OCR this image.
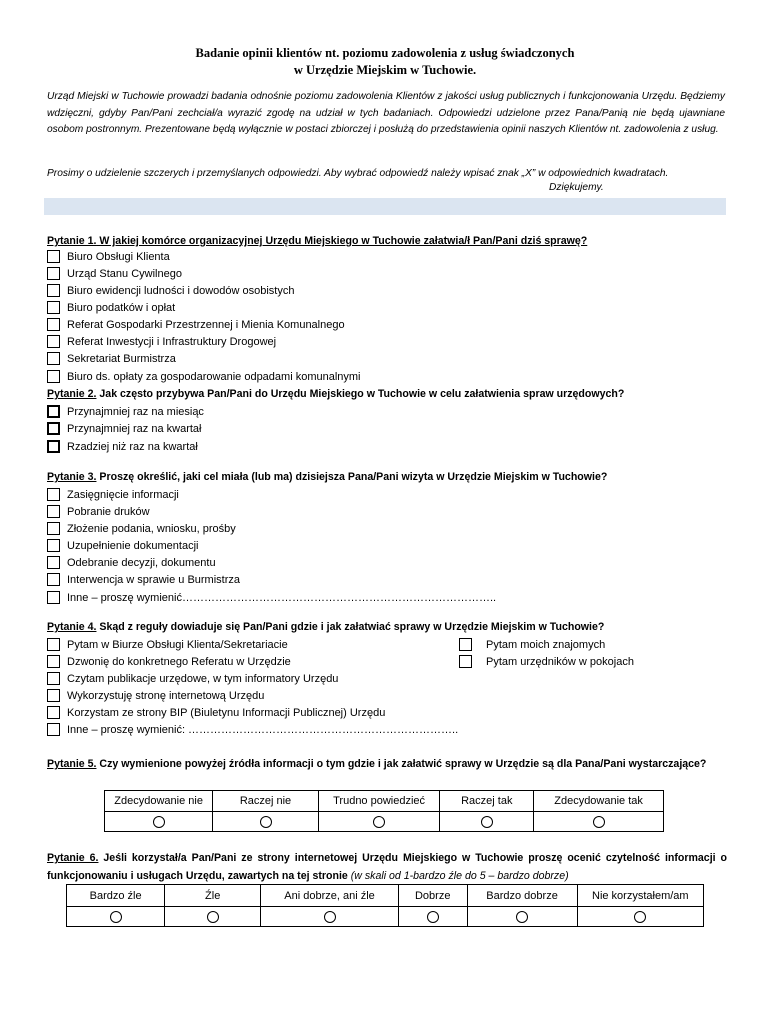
Badanie opinii klientów nt. poziomu zadowolenia z usług świadczonych
w Urzędzie Miejskim w Tuchowie.

Urząd Miejski w Tuchowie prowadzi badania odnośnie poziomu zadowolenia Klientów z jakości usług publicznych i funkcjonowania Urzędu. Będziemy wdzięczni, gdyby Pan/Pani zechciał/a wyrazić zgodę na udział w tych badaniach. Odpowiedzi udzielone przez Pana/Panią nie będą ujawniane osobom postronnym. Prezentowane będą wyłącznie w postaci zbiorczej i posłużą do przedstawienia opinii naszych Klientów nt. zadowolenia z usług.

Prosimy o udzielenie szczerych i przemyślanych odpowiedzi. Aby wybrać odpowiedź należy wpisać znak „X” w odpowiednich kwadratach.
Dziękujemy.
Pytanie 1. W jakiej komórce organizacyjnej Urzędu Miejskiego w Tuchowie załatwia/ł Pan/Pani dziś sprawę?
Biuro Obsługi Klienta
Urząd Stanu Cywilnego
Biuro ewidencji ludności i dowodów osobistych
Biuro podatków i opłat
Referat Gospodarki Przestrzennej i Mienia Komunalnego
Referat Inwestycji i Infrastruktury Drogowej
Sekretariat Burmistrza
Biuro ds. opłaty za gospodarowanie odpadami komunalnymi
Pytanie 2. Jak często przybywa Pan/Pani do Urzędu Miejskiego w Tuchowie w celu załatwienia spraw urzędowych?
Przynajmniej raz na miesiąc
Przynajmniej raz na kwartał
Rzadziej niż raz na kwartał
Pytanie 3. Proszę określić, jaki cel miała (lub ma) dzisiejsza Pana/Pani wizyta w Urzędzie Miejskim w Tuchowie?
Zasięgnięcie informacji
Pobranie druków
Złożenie podania, wniosku, prośby
Uzupełnienie dokumentacji
Odebranie decyzji, dokumentu
Interwencja w sprawie u Burmistrza
Inne – proszę wymienić…………………………………………………………………………..
Pytanie 4. Skąd z reguły dowiaduje się Pan/Pani gdzie i jak załatwiać sprawy w Urzędzie Miejskim w Tuchowie?
Pytam w Biurze Obsługi Klienta/Sekretariacie
Dzwonię do konkretnego Referatu w Urzędzie
Czytam publikacje urzędowe, w tym informatory Urzędu
Wykorzystuję stronę internetową Urzędu
Korzystam ze strony BIP (Biuletynu Informacji Publicznej) Urzędu
Inne – proszę wymienić: ………………………………………………………………..
Pytam moich znajomych
Pytam urzędników w pokojach
Pytanie 5. Czy wymienione powyżej źródła informacji o tym gdzie i jak załatwić sprawy w Urzędzie są dla Pana/Pani wystarczające?
Zdecydowanie nie	Raczej nie	Trudno powiedzieć	Raczej tak	Zdecydowanie tak

Pytanie 6. Jeśli korzystał/a Pan/Pani ze strony internetowej Urzędu Miejskiego w Tuchowie proszę ocenić czytelność informacji o funkcjonowaniu i usługach Urzędu, zawartych na tej stronie (w skali od 1-bardzo źle do 5 – bardzo dobrze)
Bardzo źle	Źle	Ani dobrze, ani źle	Dobrze	Bardzo dobrze	Nie korzystałem/am
